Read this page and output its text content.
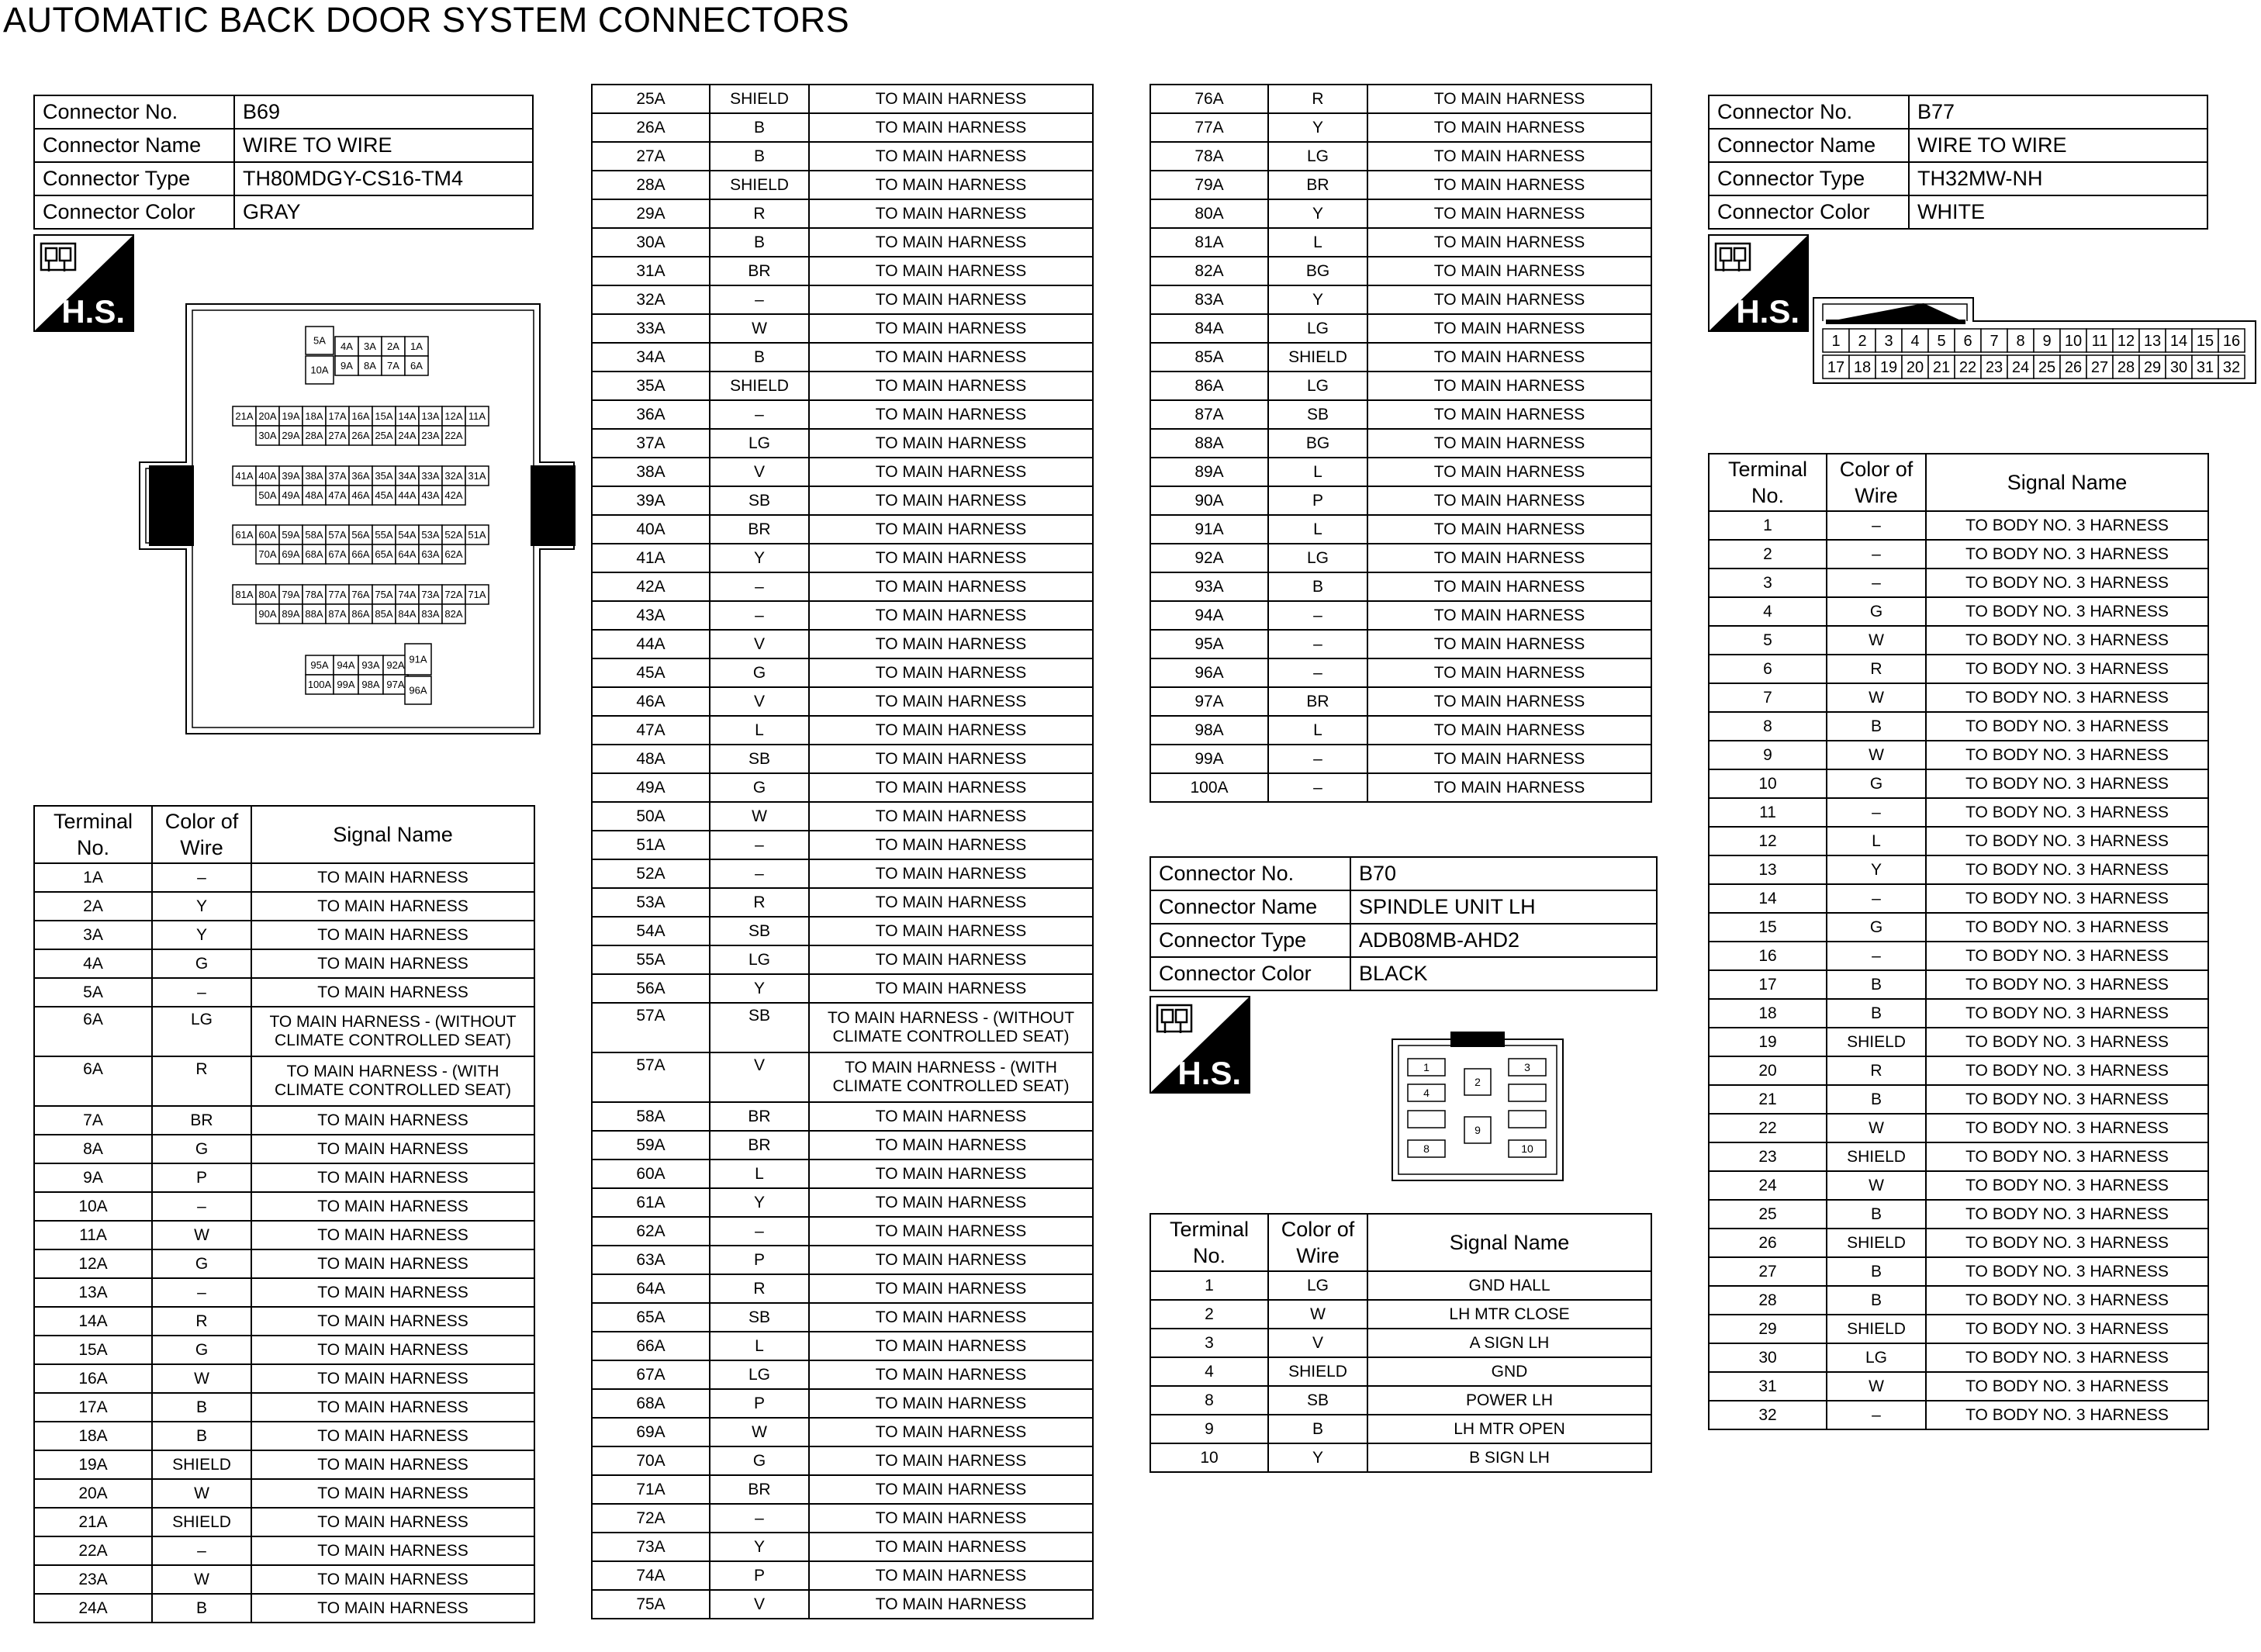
AUTOMATIC BACK DOOR SYSTEM CONNECTORS
Connector No.	B69
Connector Name	WIRE TO WIRE
Connector Type	TH80MDGY-CS16-TM4
Connector Color	GRAY
H.S.
5A 4A 3A 2A 1A
10A 9A 8A 7A 6A
21A 20A 19A 18A 17A 16A 15A 14A 13A 12A 11A
30A 29A 28A 27A 26A 25A 24A 23A 22A
41A 40A 39A 38A 37A 36A 35A 34A 33A 32A 31A
50A 49A 48A 47A 46A 45A 44A 43A 42A
61A 60A 59A 58A 57A 56A 55A 54A 53A 52A 51A
70A 69A 68A 67A 66A 65A 64A 63A 62A
81A 80A 79A 78A 77A 76A 75A 74A 73A 72A 71A
90A 89A 88A 87A 86A 85A 84A 83A 82A
95A 94A 93A 92A 91A
100A 99A 98A 97A 96A
Terminal No.	Color of Wire	Signal Name
1A	–	TO MAIN HARNESS
2A	Y	TO MAIN HARNESS
3A	Y	TO MAIN HARNESS
4A	G	TO MAIN HARNESS
5A	–	TO MAIN HARNESS
6A	LG	TO MAIN HARNESS - (WITHOUT CLIMATE CONTROLLED SEAT)
6A	R	TO MAIN HARNESS - (WITH CLIMATE CONTROLLED SEAT)
7A	BR	TO MAIN HARNESS
8A	G	TO MAIN HARNESS
9A	P	TO MAIN HARNESS
10A	–	TO MAIN HARNESS
11A	W	TO MAIN HARNESS
12A	G	TO MAIN HARNESS
13A	–	TO MAIN HARNESS
14A	R	TO MAIN HARNESS
15A	G	TO MAIN HARNESS
16A	W	TO MAIN HARNESS
17A	B	TO MAIN HARNESS
18A	B	TO MAIN HARNESS
19A	SHIELD	TO MAIN HARNESS
20A	W	TO MAIN HARNESS
21A	SHIELD	TO MAIN HARNESS
22A	–	TO MAIN HARNESS
23A	W	TO MAIN HARNESS
24A	B	TO MAIN HARNESS
25A	SHIELD	TO MAIN HARNESS
26A	B	TO MAIN HARNESS
27A	B	TO MAIN HARNESS
28A	SHIELD	TO MAIN HARNESS
29A	R	TO MAIN HARNESS
30A	B	TO MAIN HARNESS
31A	BR	TO MAIN HARNESS
32A	–	TO MAIN HARNESS
33A	W	TO MAIN HARNESS
34A	B	TO MAIN HARNESS
35A	SHIELD	TO MAIN HARNESS
36A	–	TO MAIN HARNESS
37A	LG	TO MAIN HARNESS
38A	V	TO MAIN HARNESS
39A	SB	TO MAIN HARNESS
40A	BR	TO MAIN HARNESS
41A	Y	TO MAIN HARNESS
42A	–	TO MAIN HARNESS
43A	–	TO MAIN HARNESS
44A	V	TO MAIN HARNESS
45A	G	TO MAIN HARNESS
46A	V	TO MAIN HARNESS
47A	L	TO MAIN HARNESS
48A	SB	TO MAIN HARNESS
49A	G	TO MAIN HARNESS
50A	W	TO MAIN HARNESS
51A	–	TO MAIN HARNESS
52A	–	TO MAIN HARNESS
53A	R	TO MAIN HARNESS
54A	SB	TO MAIN HARNESS
55A	LG	TO MAIN HARNESS
56A	Y	TO MAIN HARNESS
57A	SB	TO MAIN HARNESS - (WITHOUT CLIMATE CONTROLLED SEAT)
57A	V	TO MAIN HARNESS - (WITH CLIMATE CONTROLLED SEAT)
58A	BR	TO MAIN HARNESS
59A	BR	TO MAIN HARNESS
60A	L	TO MAIN HARNESS
61A	Y	TO MAIN HARNESS
62A	–	TO MAIN HARNESS
63A	P	TO MAIN HARNESS
64A	R	TO MAIN HARNESS
65A	SB	TO MAIN HARNESS
66A	L	TO MAIN HARNESS
67A	LG	TO MAIN HARNESS
68A	P	TO MAIN HARNESS
69A	W	TO MAIN HARNESS
70A	G	TO MAIN HARNESS
71A	BR	TO MAIN HARNESS
72A	–	TO MAIN HARNESS
73A	Y	TO MAIN HARNESS
74A	P	TO MAIN HARNESS
75A	V	TO MAIN HARNESS
76A	R	TO MAIN HARNESS
77A	Y	TO MAIN HARNESS
78A	LG	TO MAIN HARNESS
79A	BR	TO MAIN HARNESS
80A	Y	TO MAIN HARNESS
81A	L	TO MAIN HARNESS
82A	BG	TO MAIN HARNESS
83A	Y	TO MAIN HARNESS
84A	LG	TO MAIN HARNESS
85A	SHIELD	TO MAIN HARNESS
86A	LG	TO MAIN HARNESS
87A	SB	TO MAIN HARNESS
88A	BG	TO MAIN HARNESS
89A	L	TO MAIN HARNESS
90A	P	TO MAIN HARNESS
91A	L	TO MAIN HARNESS
92A	LG	TO MAIN HARNESS
93A	B	TO MAIN HARNESS
94A	–	TO MAIN HARNESS
95A	–	TO MAIN HARNESS
96A	–	TO MAIN HARNESS
97A	BR	TO MAIN HARNESS
98A	L	TO MAIN HARNESS
99A	–	TO MAIN HARNESS
100A	–	TO MAIN HARNESS
Connector No.	B70
Connector Name	SPINDLE UNIT LH
Connector Type	ADB08MB-AHD2
Connector Color	BLACK
H.S.	1	3
4
8	10
2
9
Terminal No.	Color of Wire	Signal Name
1	LG	GND HALL
2	W	LH MTR CLOSE
3	V	A SIGN LH
4	SHIELD	GND
8	SB	POWER LH
9	B	LH MTR OPEN
10	Y	B SIGN LH
Connector No.	B77
Connector Name	WIRE TO WIRE
Connector Type	TH32MW-NH
Connector Color	WHITE
H.S.
1 2 3 4 5 6 7 8 9 10 11 12 13 14 15 16
17 18 19 20 21 22 23 24 25 26 27 28 29 30 31 32
Terminal No.	Color of Wire	Signal Name
1	–	TO BODY NO. 3 HARNESS
2	–	TO BODY NO. 3 HARNESS
3	–	TO BODY NO. 3 HARNESS
4	G	TO BODY NO. 3 HARNESS
5	W	TO BODY NO. 3 HARNESS
6	R	TO BODY NO. 3 HARNESS
7	W	TO BODY NO. 3 HARNESS
8	B	TO BODY NO. 3 HARNESS
9	W	TO BODY NO. 3 HARNESS
10	G	TO BODY NO. 3 HARNESS
11	–	TO BODY NO. 3 HARNESS
12	L	TO BODY NO. 3 HARNESS
13	Y	TO BODY NO. 3 HARNESS
14	–	TO BODY NO. 3 HARNESS
15	G	TO BODY NO. 3 HARNESS
16	–	TO BODY NO. 3 HARNESS
17	B	TO BODY NO. 3 HARNESS
18	B	TO BODY NO. 3 HARNESS
19	SHIELD	TO BODY NO. 3 HARNESS
20	R	TO BODY NO. 3 HARNESS
21	B	TO BODY NO. 3 HARNESS
22	W	TO BODY NO. 3 HARNESS
23	SHIELD	TO BODY NO. 3 HARNESS
24	W	TO BODY NO. 3 HARNESS
25	B	TO BODY NO. 3 HARNESS
26	SHIELD	TO BODY NO. 3 HARNESS
27	B	TO BODY NO. 3 HARNESS
28	B	TO BODY NO. 3 HARNESS
29	SHIELD	TO BODY NO. 3 HARNESS
30	LG	TO BODY NO. 3 HARNESS
31	W	TO BODY NO. 3 HARNESS
32	–	TO BODY NO. 3 HARNESS
